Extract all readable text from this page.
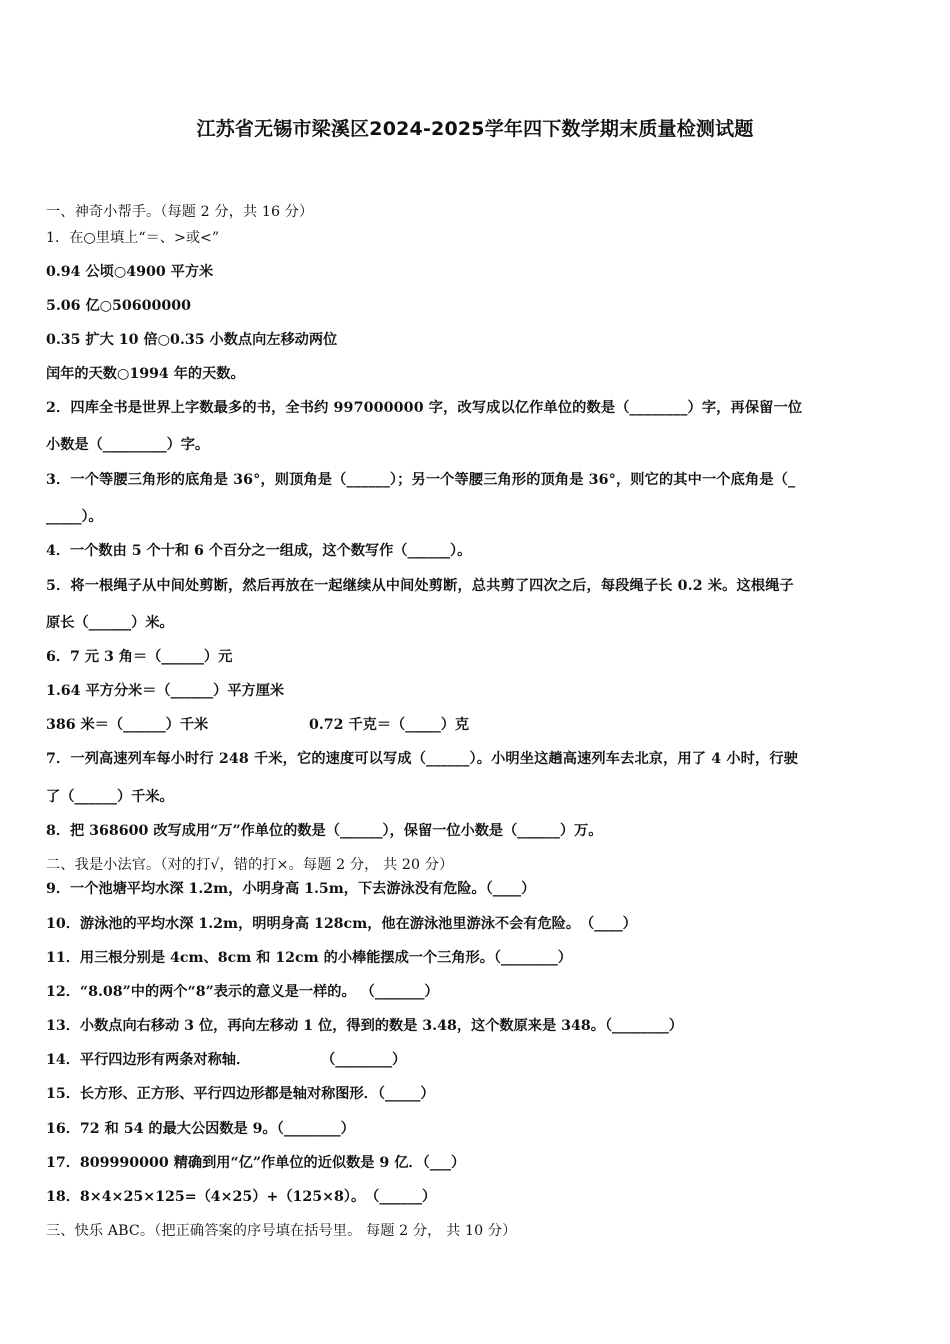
江苏省无锡市梁溪区2024-2025学年四下数学期末质量检测试题
一、神奇小帮手。（每题 2 分，共 16 分）
1．在○里填上“＝、>或<”
0.94 公顷○4900 平方米
5.06 亿○50600000
0.35 扩大 10 倍○0.35 小数点向左移动两位
闰年的天数○1994 年的天数。
2．四库全书是世界上字数最多的书，全书约 997000000 字，改写成以亿作单位的数是（________）字，再保留一位
小数是（_________）字。
3．一个等腰三角形的底角是 36°，则顶角是（______）；另一个等腰三角形的顶角是 36°，则它的其中一个底角是（_
_____）。
4．一个数由 5 个十和 6 个百分之一组成，这个数写作（______）。
5．将一根绳子从中间处剪断，然后再放在一起继续从中间处剪断，总共剪了四次之后，每段绳子长 0.2 米。这根绳子
原长（______）米。
6．7 元 3 角＝（______）元
1.64 平方分米＝（______）平方厘米
386 米＝（______）千米	0.72 千克＝（_____）克
7．一列高速列车每小时行 248 千米，它的速度可以写成（______）。小明坐这趟高速列车去北京，用了 4 小时，行驶
了（______）千米。
8．把 368600 改写成用“万”作单位的数是（______），保留一位小数是（______）万。
二、我是小法官。（对的打√，错的打×。每题 2 分， 共 20 分）
9．一个池塘平均水深 1.2m，小明身高 1.5m，下去游泳没有危险。（____）
10．游泳池的平均水深 1.2m，明明身高 128cm，他在游泳池里游泳不会有危险。　（____）
11．用三根分别是 4cm、8cm 和 12cm 的小棒能摆成一个三角形。（________）
12．“8.08”中的两个“8”表示的意义是一样的。 （_______）
13．小数点向右移动 3 位，再向左移动 1 位，得到的数是 3.48，这个数原来是 348。（________）
14．平行四边形有两条对称轴．　　　　　　（________）
15．长方形、正方形、平行四边形都是轴对称图形．（_____）
16．72 和 54 的最大公因数是 9。（________）
17．809990000 精确到用“亿”作单位的近似数是 9 亿．（___）
18．8×4×25×125=（4×25）+（125×8）。　（______）
三、快乐 ABC。（把正确答案的序号填在括号里。 每题 2 分， 共 10 分）
